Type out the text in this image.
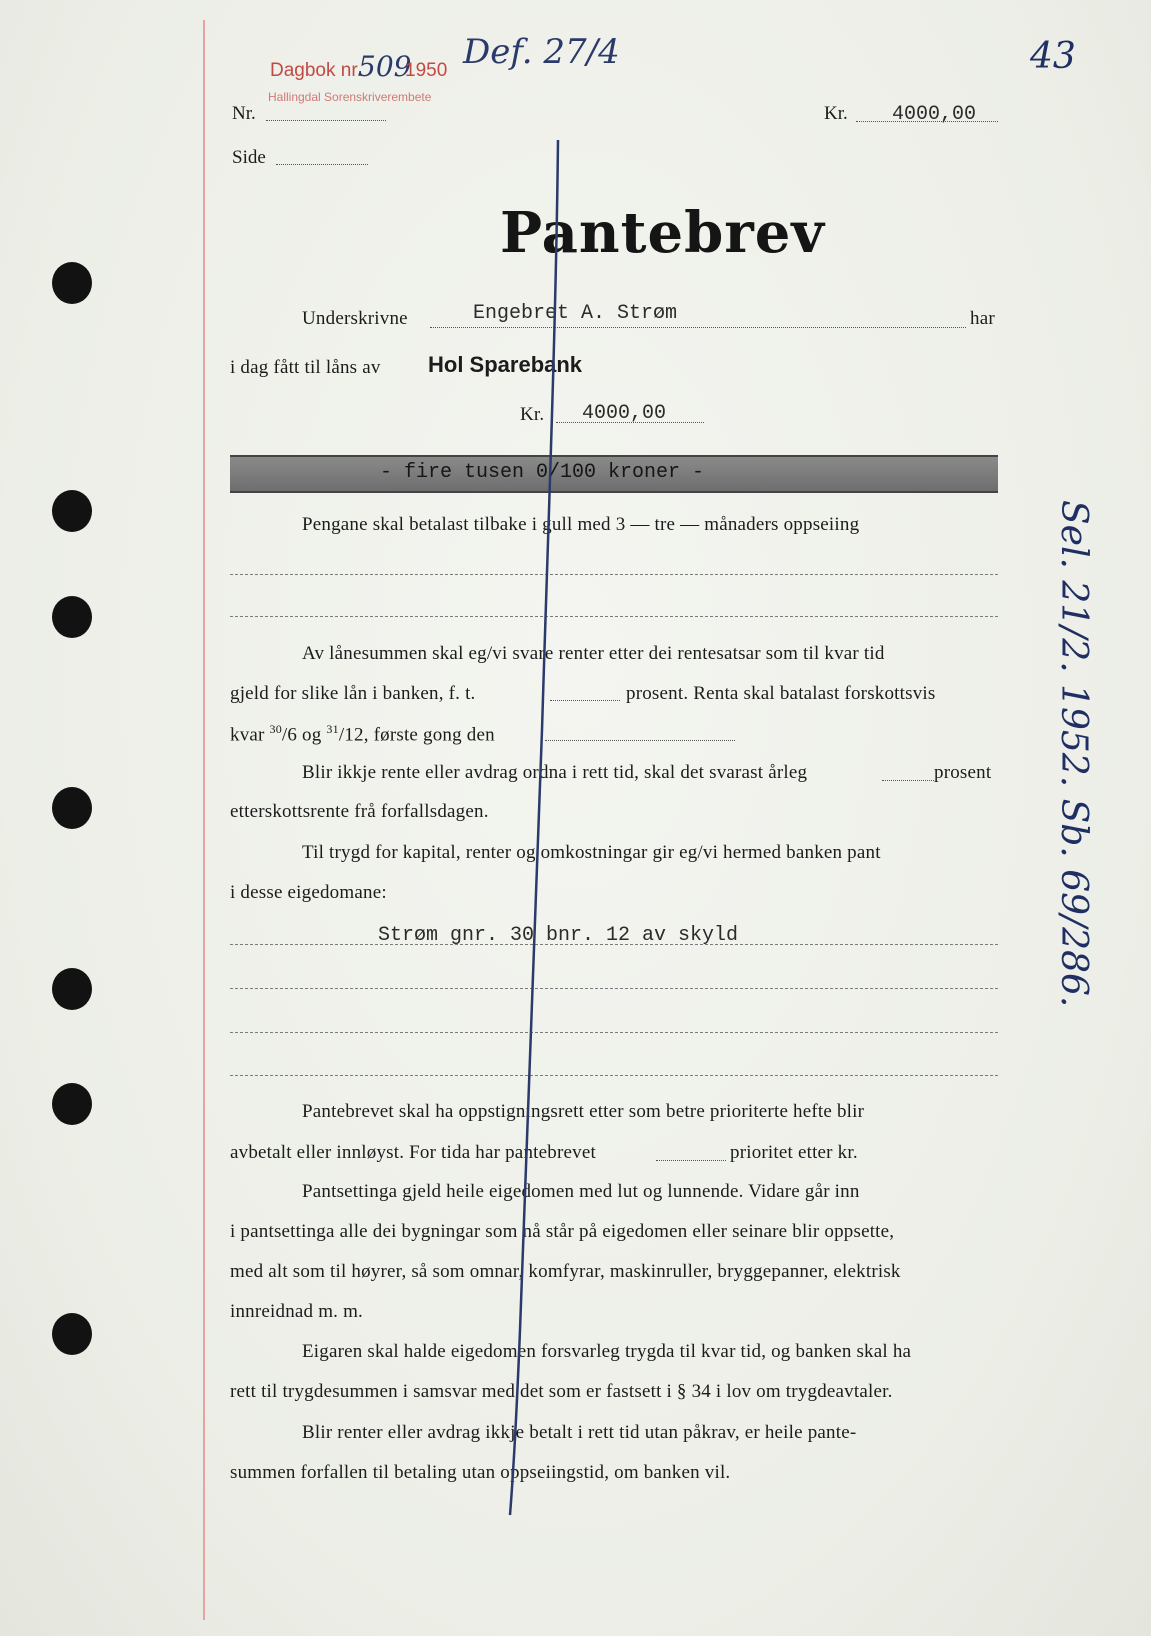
Dagbok nr.
509
1950
Hallingdal Sorenskriverembete
Def. 27/4	43
Nr.
Side
Kr. 4000,00
Pantebrev
Underskrivne	Engebret A. Strøm	har
i dag fått til låns av Hol Sparebank
Kr. 4000,00
- fire tusen 0/100 kroner -
Pengane skal betalast tilbake i gull med 3 — tre — månaders oppseiing
Av lånesummen skal eg/vi svare renter etter dei rentesatsar som til kvar tid
gjeld for slike lån i banken, f. t.	prosent. Renta skal batalast forskottsvis
kvar $^{30}$/6 og $^{31}$/12, første gong den
Blir ikkje rente eller avdrag ordna i rett tid, skal det svarast årleg	prosent
etterskottsrente frå forfallsdagen.
Til trygd for kapital, renter og omkostningar gir eg/vi hermed banken pant
i desse eigedomane:
Strøm gnr. 30 bnr. 12 av skyld
Pantebrevet skal ha oppstigningsrett etter som betre prioriterte hefte blir
avbetalt eller innløyst. For tida har pantebrevet	prioritet etter kr.
Pantsettinga gjeld heile eigedomen med lut og lunnende. Vidare går inn
i pantsettinga alle dei bygningar som nå står på eigedomen eller seinare blir oppsette,
med alt som til høyrer, så som omnar, komfyrar, maskinruller, bryggepanner, elektrisk
innreidnad m. m.
Eigaren skal halde eigedomen forsvarleg trygda til kvar tid, og banken skal ha
rett til trygdesummen i samsvar med det som er fastsett i § 34 i lov om trygdeavtaler.
Blir renter eller avdrag ikkje betalt i rett tid utan påkrav, er heile pante-
summen forfallen til betaling utan oppseiingstid, om banken vil.
Sel. 21/2. 1952. Sb. 69/286.
